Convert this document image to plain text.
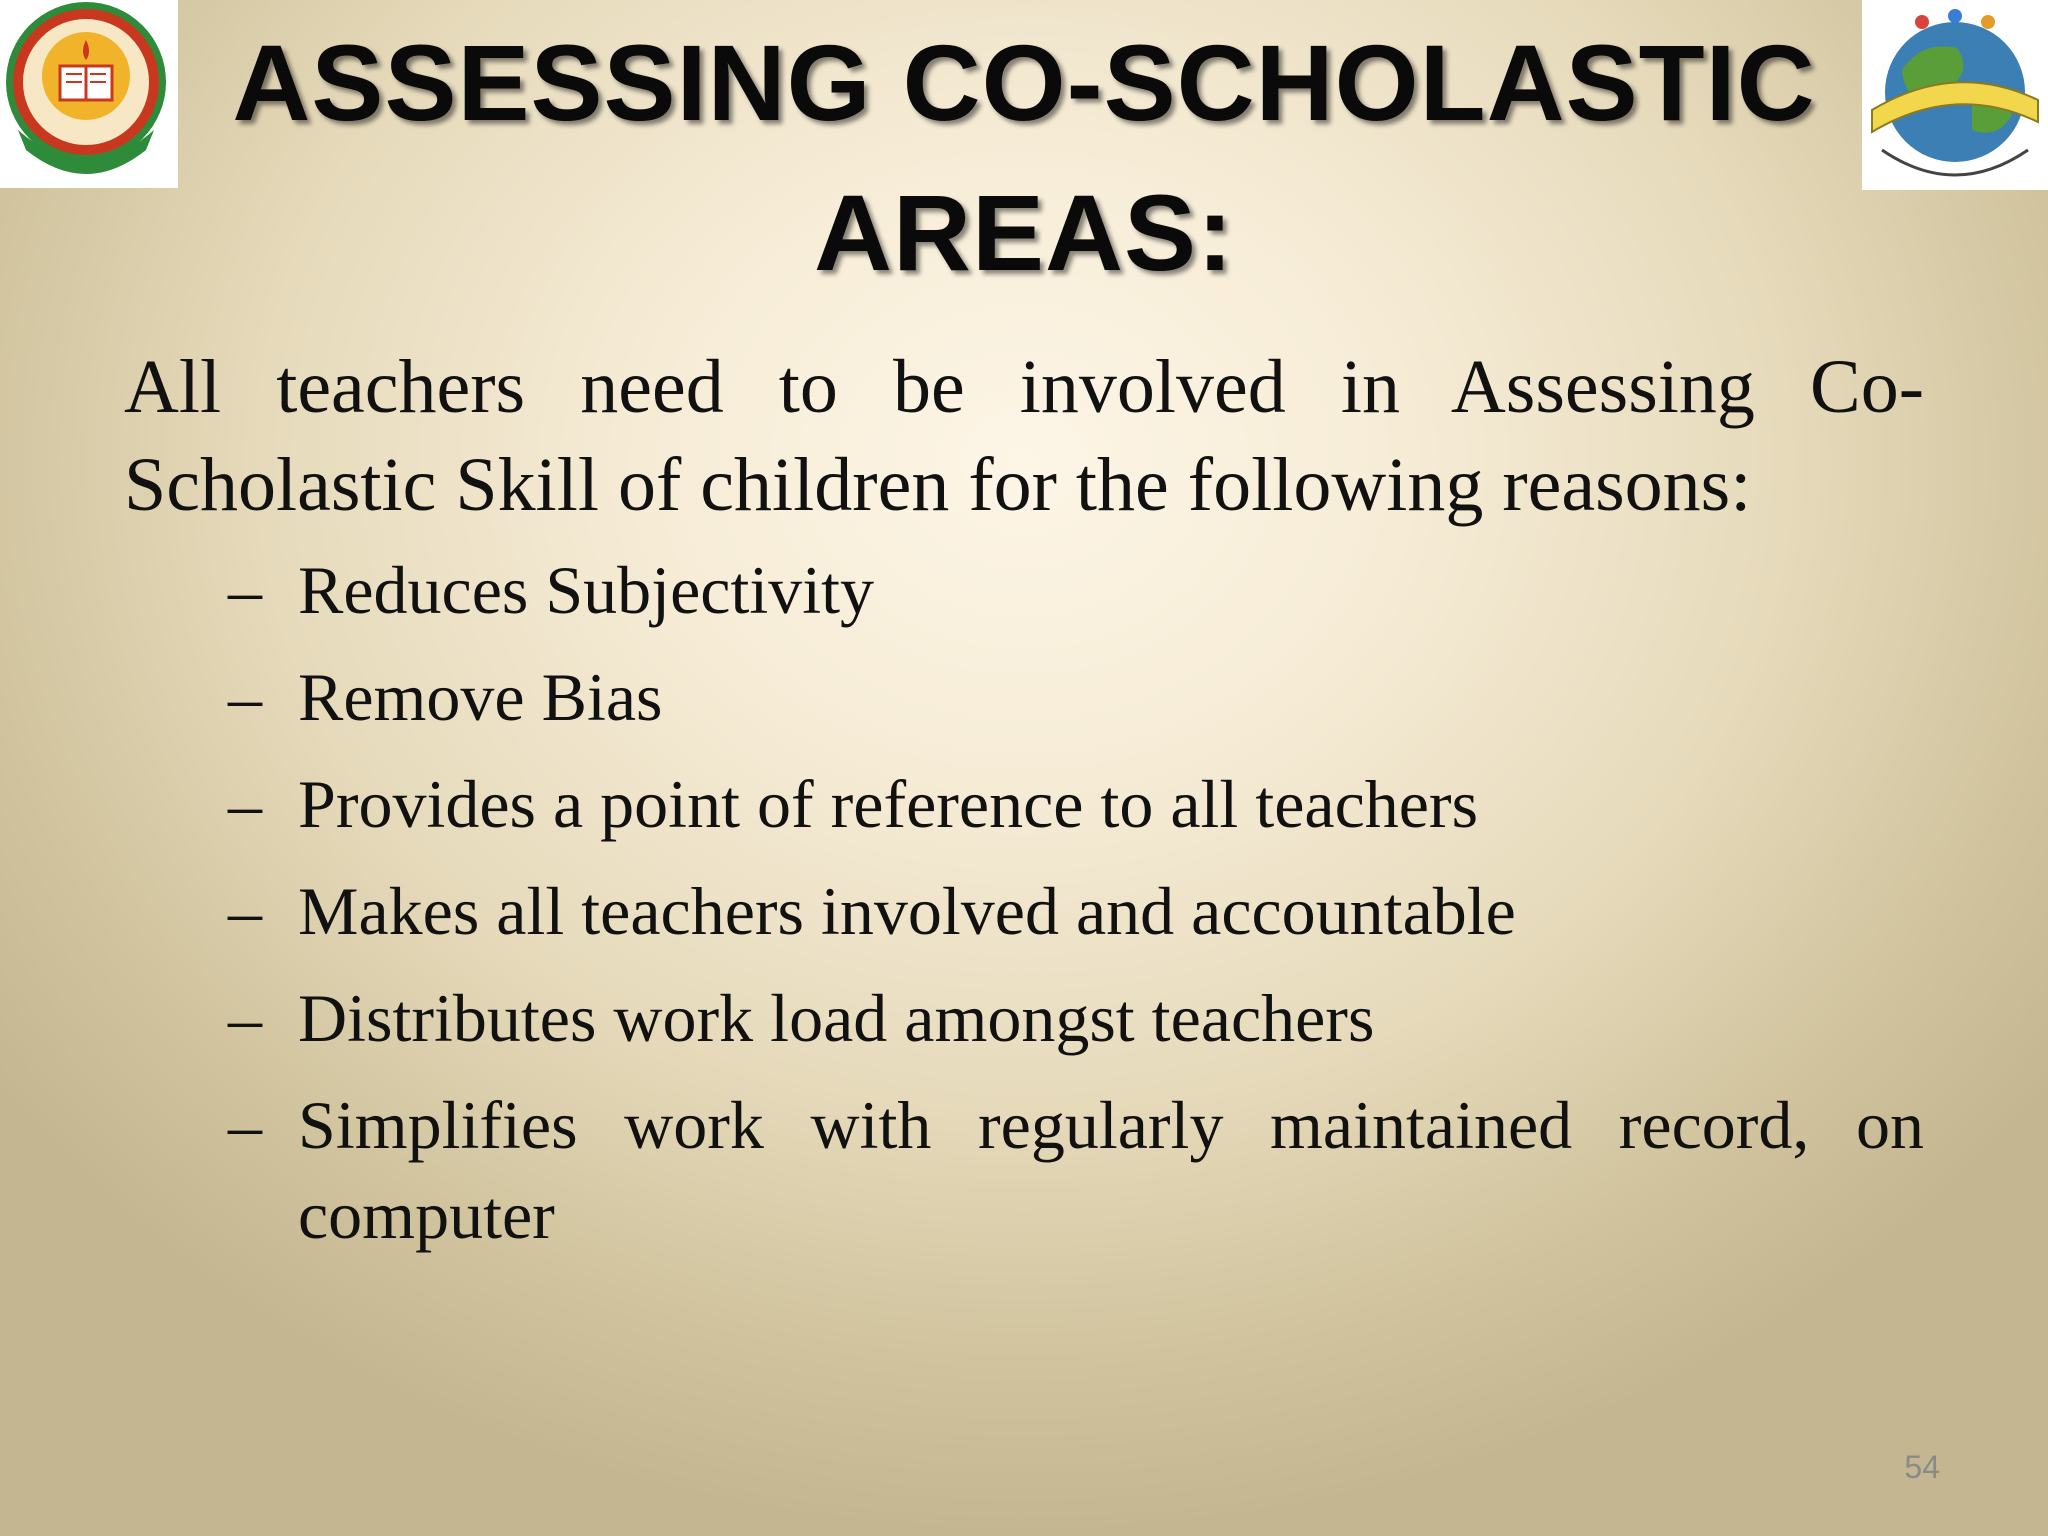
ASSESSING CO-SCHOLASTIC AREAS:

All teachers need to be involved in Assessing Co-Scholastic Skill of children for the following reasons:

– Reduces Subjectivity
– Remove Bias
– Provides a point of reference to all teachers
– Makes all teachers involved and accountable
– Distributes work load amongst teachers
– Simplifies work with regularly maintained record, on computer
54
